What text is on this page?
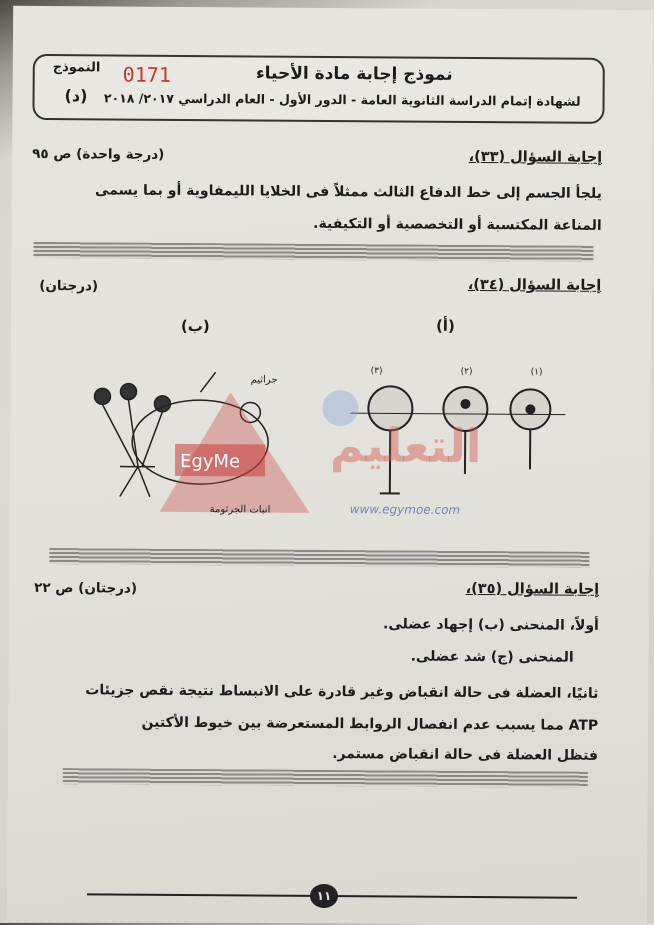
نموذج إجابة مادة الأحياء
لشهادة إتمام الدراسة الثانوية العامة - الدور الأول - العام الدراسي ٢٠١٧/ ٢٠١٨
0171
النموذج
(د)
إجابة السؤال (٣٣)،
(درجة واحدة) ص ٩٥
يلجأ الجسم إلى خط الدفاع الثالث ممثلاً فى الخلايا الليمفاوية أو بما يسمى
المناعة المكتسبة أو التخصصية أو التكيفية.
إجابة السؤال (٣٤)،
(درجتان)
(أ)
(ب)
EgyMe
(٣)	(٢)	(١)
جراثيم
انبات الجرثومة
التعليم
www.egymoe.com
إجابة السؤال (٣٥)،
(درجتان) ص ٢٢
أولاً، المنحنى (ب) إجهاد عضلى.
المنحنى (ج) شد عضلى.
ثانيًا، العضلة فى حالة انقباض وغير قادرة على الانبساط نتيجة نقص جزيئات
ATP مما يسبب عدم انفصال الروابط المستعرضة بين خيوط الأكتين
فتظل العضلة فى حالة انقباض مستمر.
١١
